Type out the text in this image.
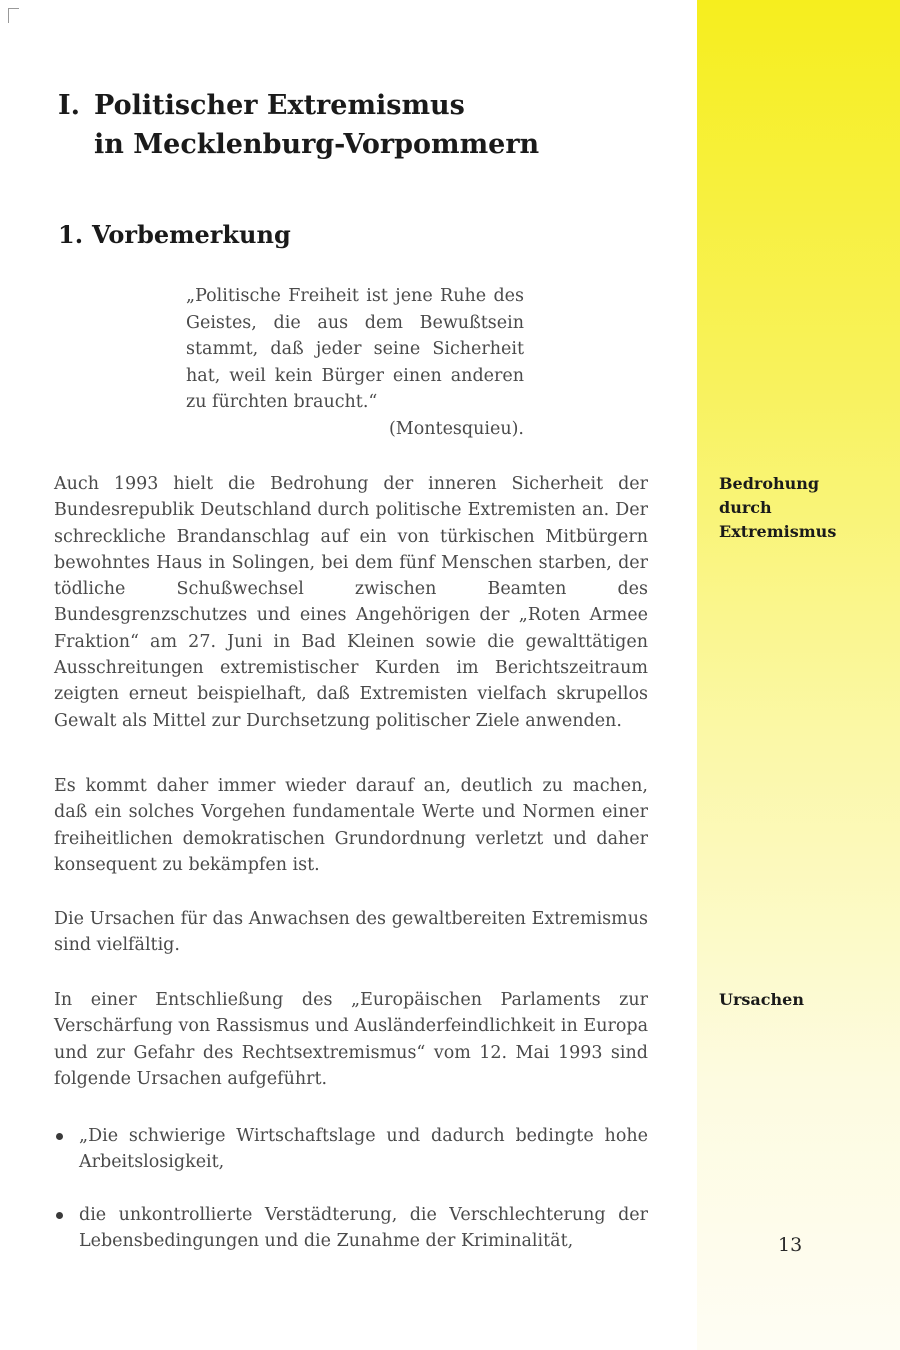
I. Politischer Extremismus
in Mecklenburg-Vorpommern
1. Vorbemerkung
„Politische Freiheit ist jene Ruhe des Geistes, die aus dem Bewußtsein stammt, daß jeder seine Sicherheit hat, weil kein Bürger einen anderen zu fürchten braucht.“
(Montesquieu).
Auch 1993 hielt die Bedrohung der inneren Sicherheit der Bundesrepublik Deutschland durch politische Extremisten an. Der schreckliche Brandanschlag auf ein von türkischen Mitbürgern bewohntes Haus in Solingen, bei dem fünf Menschen starben, der tödliche Schußwechsel zwischen Beamten des Bundesgrenzschutzes und eines Angehörigen der „Roten Armee Fraktion“ am 27. Juni in Bad Kleinen sowie die gewalttätigen Ausschreitungen extremistischer Kurden im Berichtszeitraum zeigten erneut beispielhaft, daß Extremisten vielfach skrupellos Gewalt als Mittel zur Durchsetzung politischer Ziele anwenden.
Es kommt daher immer wieder darauf an, deutlich zu machen, daß ein solches Vorgehen fundamentale Werte und Normen einer freiheitlichen demokratischen Grundordnung verletzt und daher konsequent zu bekämpfen ist.
Die Ursachen für das Anwachsen des gewaltbereiten Extremismus sind vielfältig.
In einer Entschließung des „Europäischen Parlaments zur Verschärfung von Rassismus und Ausländerfeindlichkeit in Europa und zur Gefahr des Rechtsextremismus“ vom 12. Mai 1993 sind folgende Ursachen aufgeführt.
„Die schwierige Wirtschaftslage und dadurch bedingte hohe Arbeitslosigkeit,
die unkontrollierte Verstädterung, die Verschlechterung der Lebensbedingungen und die Zunahme der Kriminalität,
Bedrohung
durch
Extremismus
Ursachen
13
